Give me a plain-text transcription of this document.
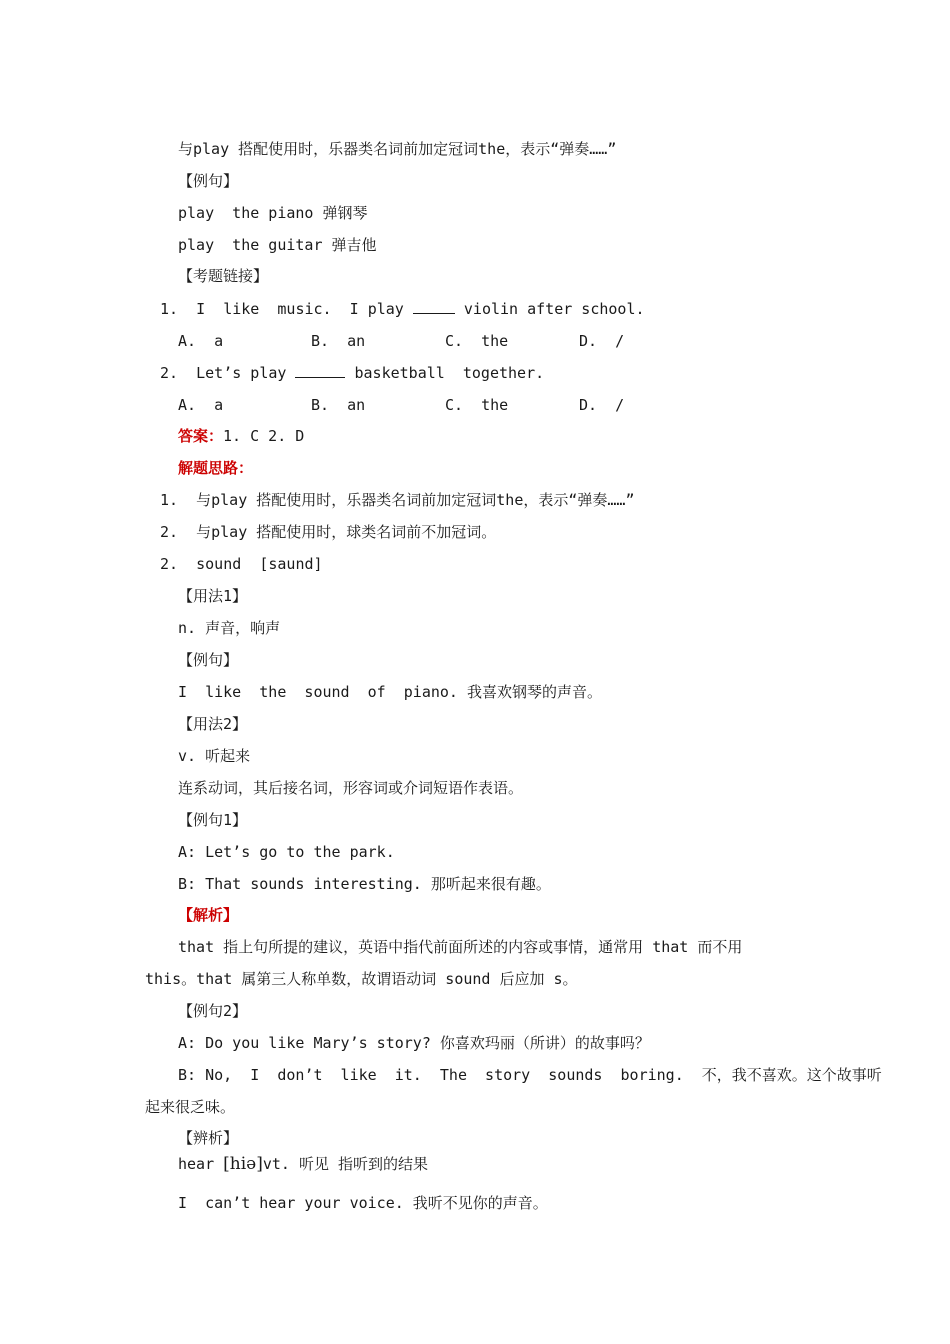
与play 搭配使用时，乐器类名词前加定冠词the，表示“弹奏……”
【例句】
play  the piano 弹钢琴
play  the guitar 弹吉他
【考题链接】
1.  I  like  music.  I play	violin after school.
A.  a	B.  an	C.  the	D.  /
2.  Let’s play	basketball  together.
A.  a	B.  an	C.  the	D.  /
答案：1. C 2. D
解题思路：
1.  与play 搭配使用时，乐器类名词前加定冠词the，表示“弹奏……”
2.  与play 搭配使用时，球类名词前不加冠词。
2.  sound  [saund]
【用法1】
n. 声音，响声
【例句】
I  like  the  sound  of  piano. 我喜欢钢琴的声音。
【用法2】
v. 听起来
连系动词，其后接名词，形容词或介词短语作表语。
【例句1】
A: Let’s go to the park.
B: That sounds interesting. 那听起来很有趣。
【解析】
that 指上句所提的建议，英语中指代前面所述的内容或事情，通常用 that 而不用
this。that 属第三人称单数，故谓语动词 sound 后应加 s。
【例句2】
A: Do you like Mary’s story? 你喜欢玛丽（所讲）的故事吗？
B: No,  I  don’t  like  it.  The  story  sounds  boring.  不，我不喜欢。这个故事听
起来很乏味。
【辨析】
hear [hiə]vt. 听见 指听到的结果
I  can’t hear your voice. 我听不见你的声音。
